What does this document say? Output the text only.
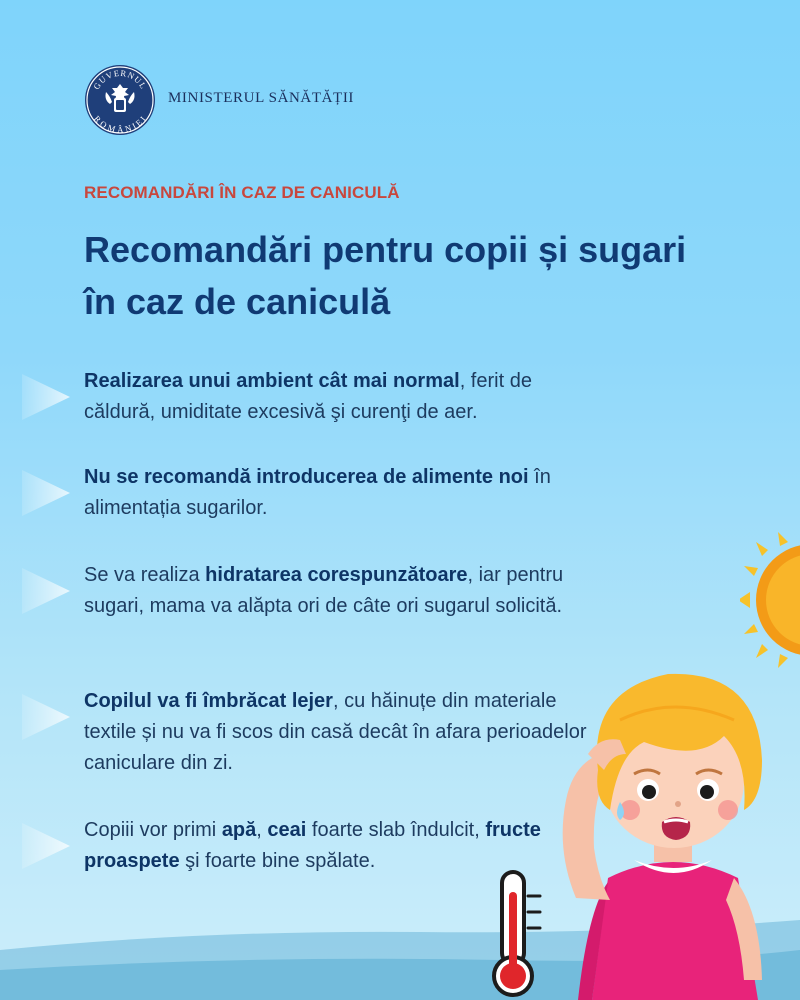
GUVERNUL
ROMÂNIEI
MINISTERUL SĂNĂTĂȚII
RECOMANDĂRI ÎN CAZ DE CANICULĂ
Recomandări pentru copii și sugari în caz de caniculă
Realizarea unui ambient cât mai normal, ferit de căldură, umiditate excesivă şi curenţi de aer.
Nu se recomandă introducerea de alimente noi în alimentația sugarilor.
Se va realiza hidratarea corespunzătoare, iar pentru sugari, mama va alăpta ori de câte ori sugarul solicită.
Copilul va fi îmbrăcat lejer, cu hăinuțe din materiale textile și nu va fi scos din casă decât în afara perioadelor caniculare din zi.
Copiii vor primi apă, ceai foarte slab îndulcit, fructe proaspete şi foarte bine spălate.
